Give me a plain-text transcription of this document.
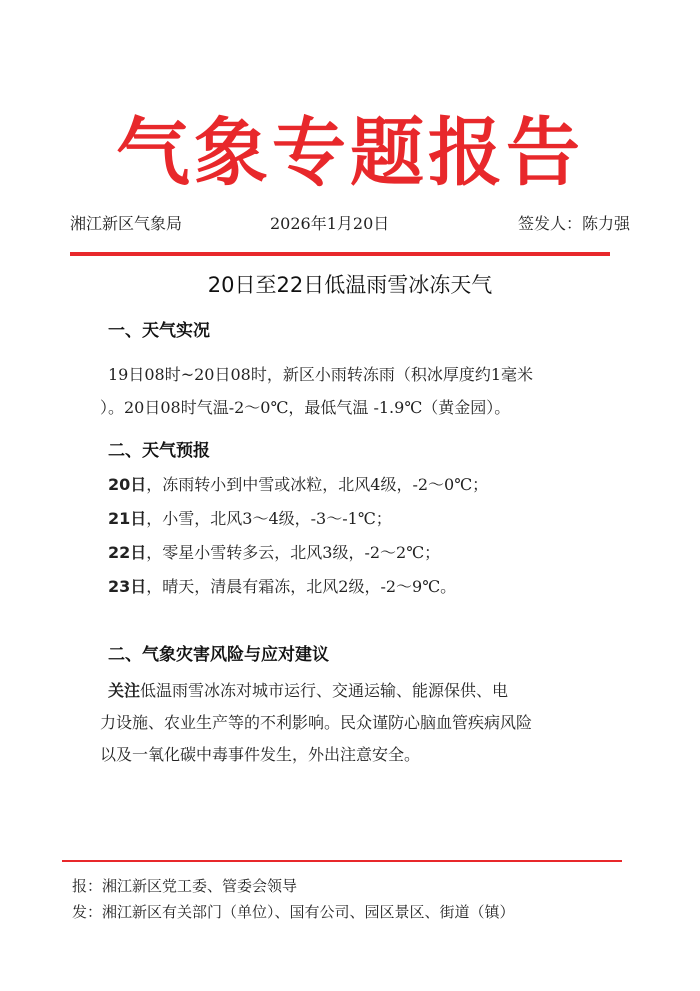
气象专题报告
湘江新区气象局	2026年1月20日	签发人：陈力强
20日至22日低温雨雪冰冻天气
一、天气实况
19日08时~20日08时，新区小雨转冻雨（积冰厚度约1毫米
）。20日08时气温-2～0℃，最低气温 -1.9℃（黄金园）。
二、天气预报
20日，冻雨转小到中雪或冰粒，北风4级，-2～0℃；
21日，小雪，北风3～4级，-3～-1℃；
22日，零星小雪转多云，北风3级，-2～2℃；
23日，晴天，清晨有霜冻，北风2级，-2～9℃。
二、气象灾害风险与应对建议
关注低温雨雪冰冻对城市运行、交通运输、能源保供、电
力设施、农业生产等的不利影响。民众谨防心脑血管疾病风险
以及一氧化碳中毒事件发生，外出注意安全。
报：湘江新区党工委、管委会领导
发：湘江新区有关部门（单位）、国有公司、园区景区、街道（镇）
